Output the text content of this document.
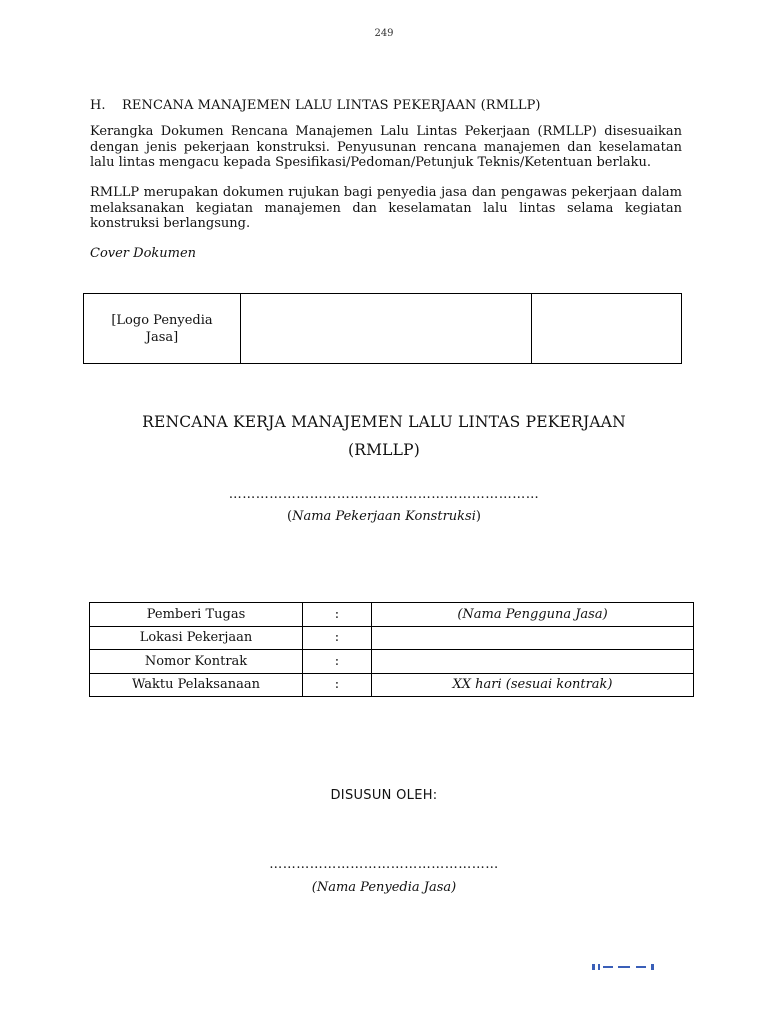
249
H. RENCANA MANAJEMEN LALU LINTAS PEKERJAAN (RMLLP)
Kerangka Dokumen Rencana Manajemen Lalu Lintas Pekerjaan (RMLLP) disesuaikan dengan jenis pekerjaan konstruksi. Penyusunan rencana manajemen dan keselamatan lalu lintas mengacu kepada Spesifikasi/Pedoman/Petunjuk Teknis/Ketentuan berlaku.
RMLLP merupakan dokumen rujukan bagi penyedia jasa dan pengawas pekerjaan dalam melaksanakan kegiatan manajemen dan keselamatan lalu lintas selama kegiatan konstruksi berlangsung.
Cover Dokumen
[Logo Penyedia Jasa]
RENCANA KERJA MANAJEMEN LALU LINTAS PEKERJAAN
(RMLLP)
……………………………………………………………
(Nama Pekerjaan Konstruksi)
Pemberi Tugas	:	(Nama Pengguna Jasa)
Lokasi Pekerjaan	:	
Nomor Kontrak	:	
Waktu Pelaksanaan	:	XX hari (sesuai kontrak)
DISUSUN OLEH:
……………………………………………
(Nama Penyedia Jasa)
